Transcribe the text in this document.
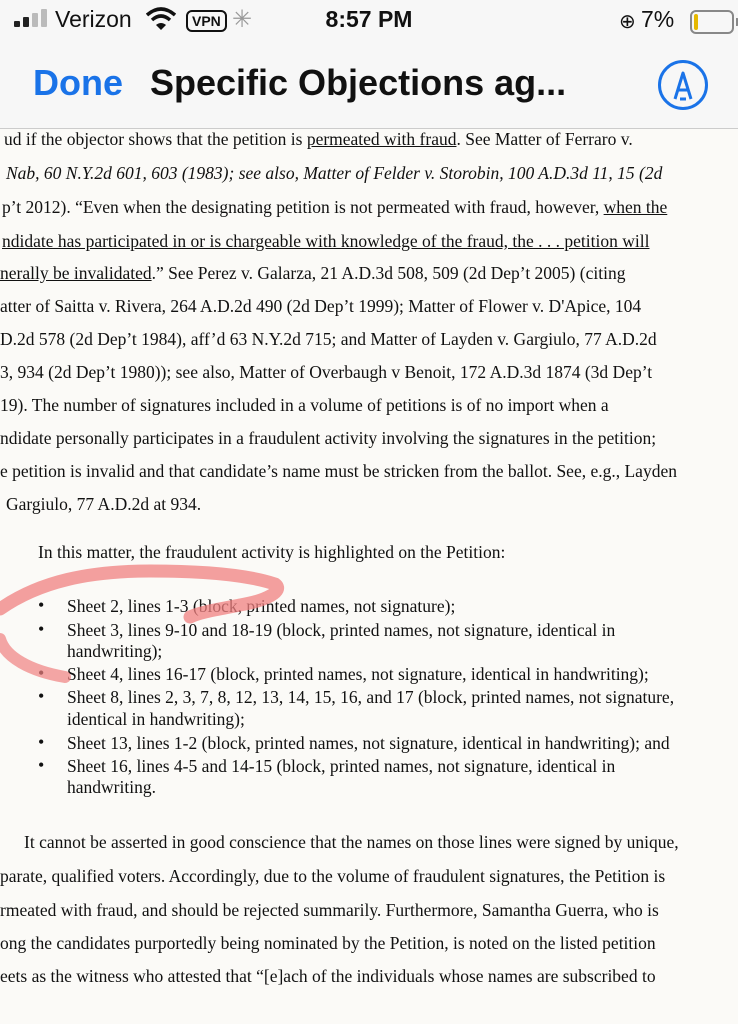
Verizon	VPN ✳	8:57 PM	⊕ 7%
Done Specific Objections ag...
ud if the objector shows that the petition is permeated with fraud. See Matter of Ferraro v.
Nab, 60 N.Y.2d 601, 603 (1983); see also, Matter of Felder v. Storobin, 100 A.D.3d 11, 15 (2d
p’t 2012). “Even when the designating petition is not permeated with fraud, however, when the
ndidate has participated in or is chargeable with knowledge of the fraud, the . . . petition will
nerally be invalidated.” See Perez v. Galarza, 21 A.D.3d 508, 509 (2d Dep’t 2005) (citing
atter of Saitta v. Rivera, 264 A.D.2d 490 (2d Dep’t 1999); Matter of Flower v. D'Apice, 104
D.2d 578 (2d Dep’t 1984), aff’d 63 N.Y.2d 715; and Matter of Layden v. Gargiulo, 77 A.D.2d
3, 934 (2d Dep’t 1980)); see also, Matter of Overbaugh v Benoit, 172 A.D.3d 1874 (3d Dep’t
19). The number of signatures included in a volume of petitions is of no import when a
ndidate personally participates in a fraudulent activity involving the signatures in the petition;
e petition is invalid and that candidate’s name must be stricken from the ballot. See, e.g., Layden
Gargiulo, 77 A.D.2d at 934.
In this matter, the fraudulent activity is highlighted on the Petition:
• Sheet 2, lines 1-3 (block, printed names, not signature);
• Sheet 3, lines 9-10 and 18-19 (block, printed names, not signature, identical in
handwriting);
• Sheet 4, lines 16-17 (block, printed names, not signature, identical in handwriting);
• Sheet 8, lines 2, 3, 7, 8, 12, 13, 14, 15, 16, and 17 (block, printed names, not signature,
identical in handwriting);
• Sheet 13, lines 1-2 (block, printed names, not signature, identical in handwriting); and
• Sheet 16, lines 4-5 and 14-15 (block, printed names, not signature, identical in
handwriting.
It cannot be asserted in good conscience that the names on those lines were signed by unique,
parate, qualified voters. Accordingly, due to the volume of fraudulent signatures, the Petition is
rmeated with fraud, and should be rejected summarily. Furthermore, Samantha Guerra, who is
ong the candidates purportedly being nominated by the Petition, is noted on the listed petition
eets as the witness who attested that “[e]ach of the individuals whose names are subscribed to
